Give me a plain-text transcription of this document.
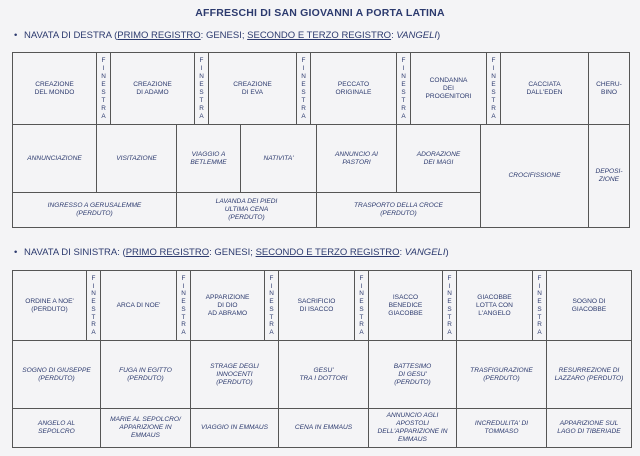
AFFRESCHI DI SAN GIOVANNI A PORTA LATINA
• NAVATA DI DESTRA (PRIMO REGISTRO: GENESI; SECONDO E TERZO REGISTRO: VANGELI)
CREAZIONE
DEL MONDO
F
I
N
E
S
T
R
A
CREAZIONE
DI ADAMO
F
I
N
E
S
T
R
A
CREAZIONE
DI EVA
F
I
N
E
S
T
R
A
PECCATO
ORIGINALE
F
I
N
E
S
T
R
A
CONDANNA
DEI
PROGENITORI
F
I
N
E
S
T
R
A
CACCIATA
DALL'EDEN
CHERU-
BINO
ANNUNCIAZIONE	VISITAZIONE
VIAGGIO A
BETLEMME
NATIVITA'
ANNUNCIO AI
PASTORI
ADORAZIONE
DEI MAGI
CROCIFISSIONE
DEPOSI-
ZIONE
INGRESSO A GERUSALEMME
(PERDUTO)
LAVANDA DEI PIEDI
ULTIMA CENA
(PERDUTO)
TRASPORTO DELLA CROCE
(PERDUTO)
• NAVATA DI SINISTRA: (PRIMO REGISTRO: GENESI; SECONDO E TERZO REGISTRO: VANGELI)
ORDINE A NOE'
(PERDUTO)
F
I
N
E
S
T
R
A
ARCA DI NOE'
F
I
N
E
S
T
R
A
APPARIZIONE
DI DIO
AD ABRAMO
F
I
N
E
S
T
R
A
SACRIFICIO
DI ISACCO
F
I
N
E
S
T
R
A
ISACCO
BENEDICE
GIACOBBE
F
I
N
E
S
T
R
A
GIACOBBE
LOTTA CON
L'ANGELO
F
I
N
E
S
T
R
A
SOGNO DI
GIACOBBE
SOGNO DI GIUSEPPE
(PERDUTO)
FUGA IN EGITTO
(PERDUTO)
STRAGE DEGLI
INNOCENTI
(PERDUTO)
GESU'
TRA I DOTTORI
BATTESIMO
DI GESU'
(PERDUTO)
TRASFIGURAZIONE
(PERDUTO)
RESURREZIONE DI
LAZZARO (PERDUTO)
ANGELO AL
SEPOLCRO
MARIE AL SEPOLCRO/
APPARIZIONE IN
EMMAUS
VIAGGIO IN EMMAUS	CENA IN EMMAUS
ANNUNCIO AGLI
APOSTOLI
DELL'APPARIZIONE IN
EMMAUS
INCREDULITA' DI
TOMMASO
APPARIZIONE SUL
LAGO DI TIBERIADE
